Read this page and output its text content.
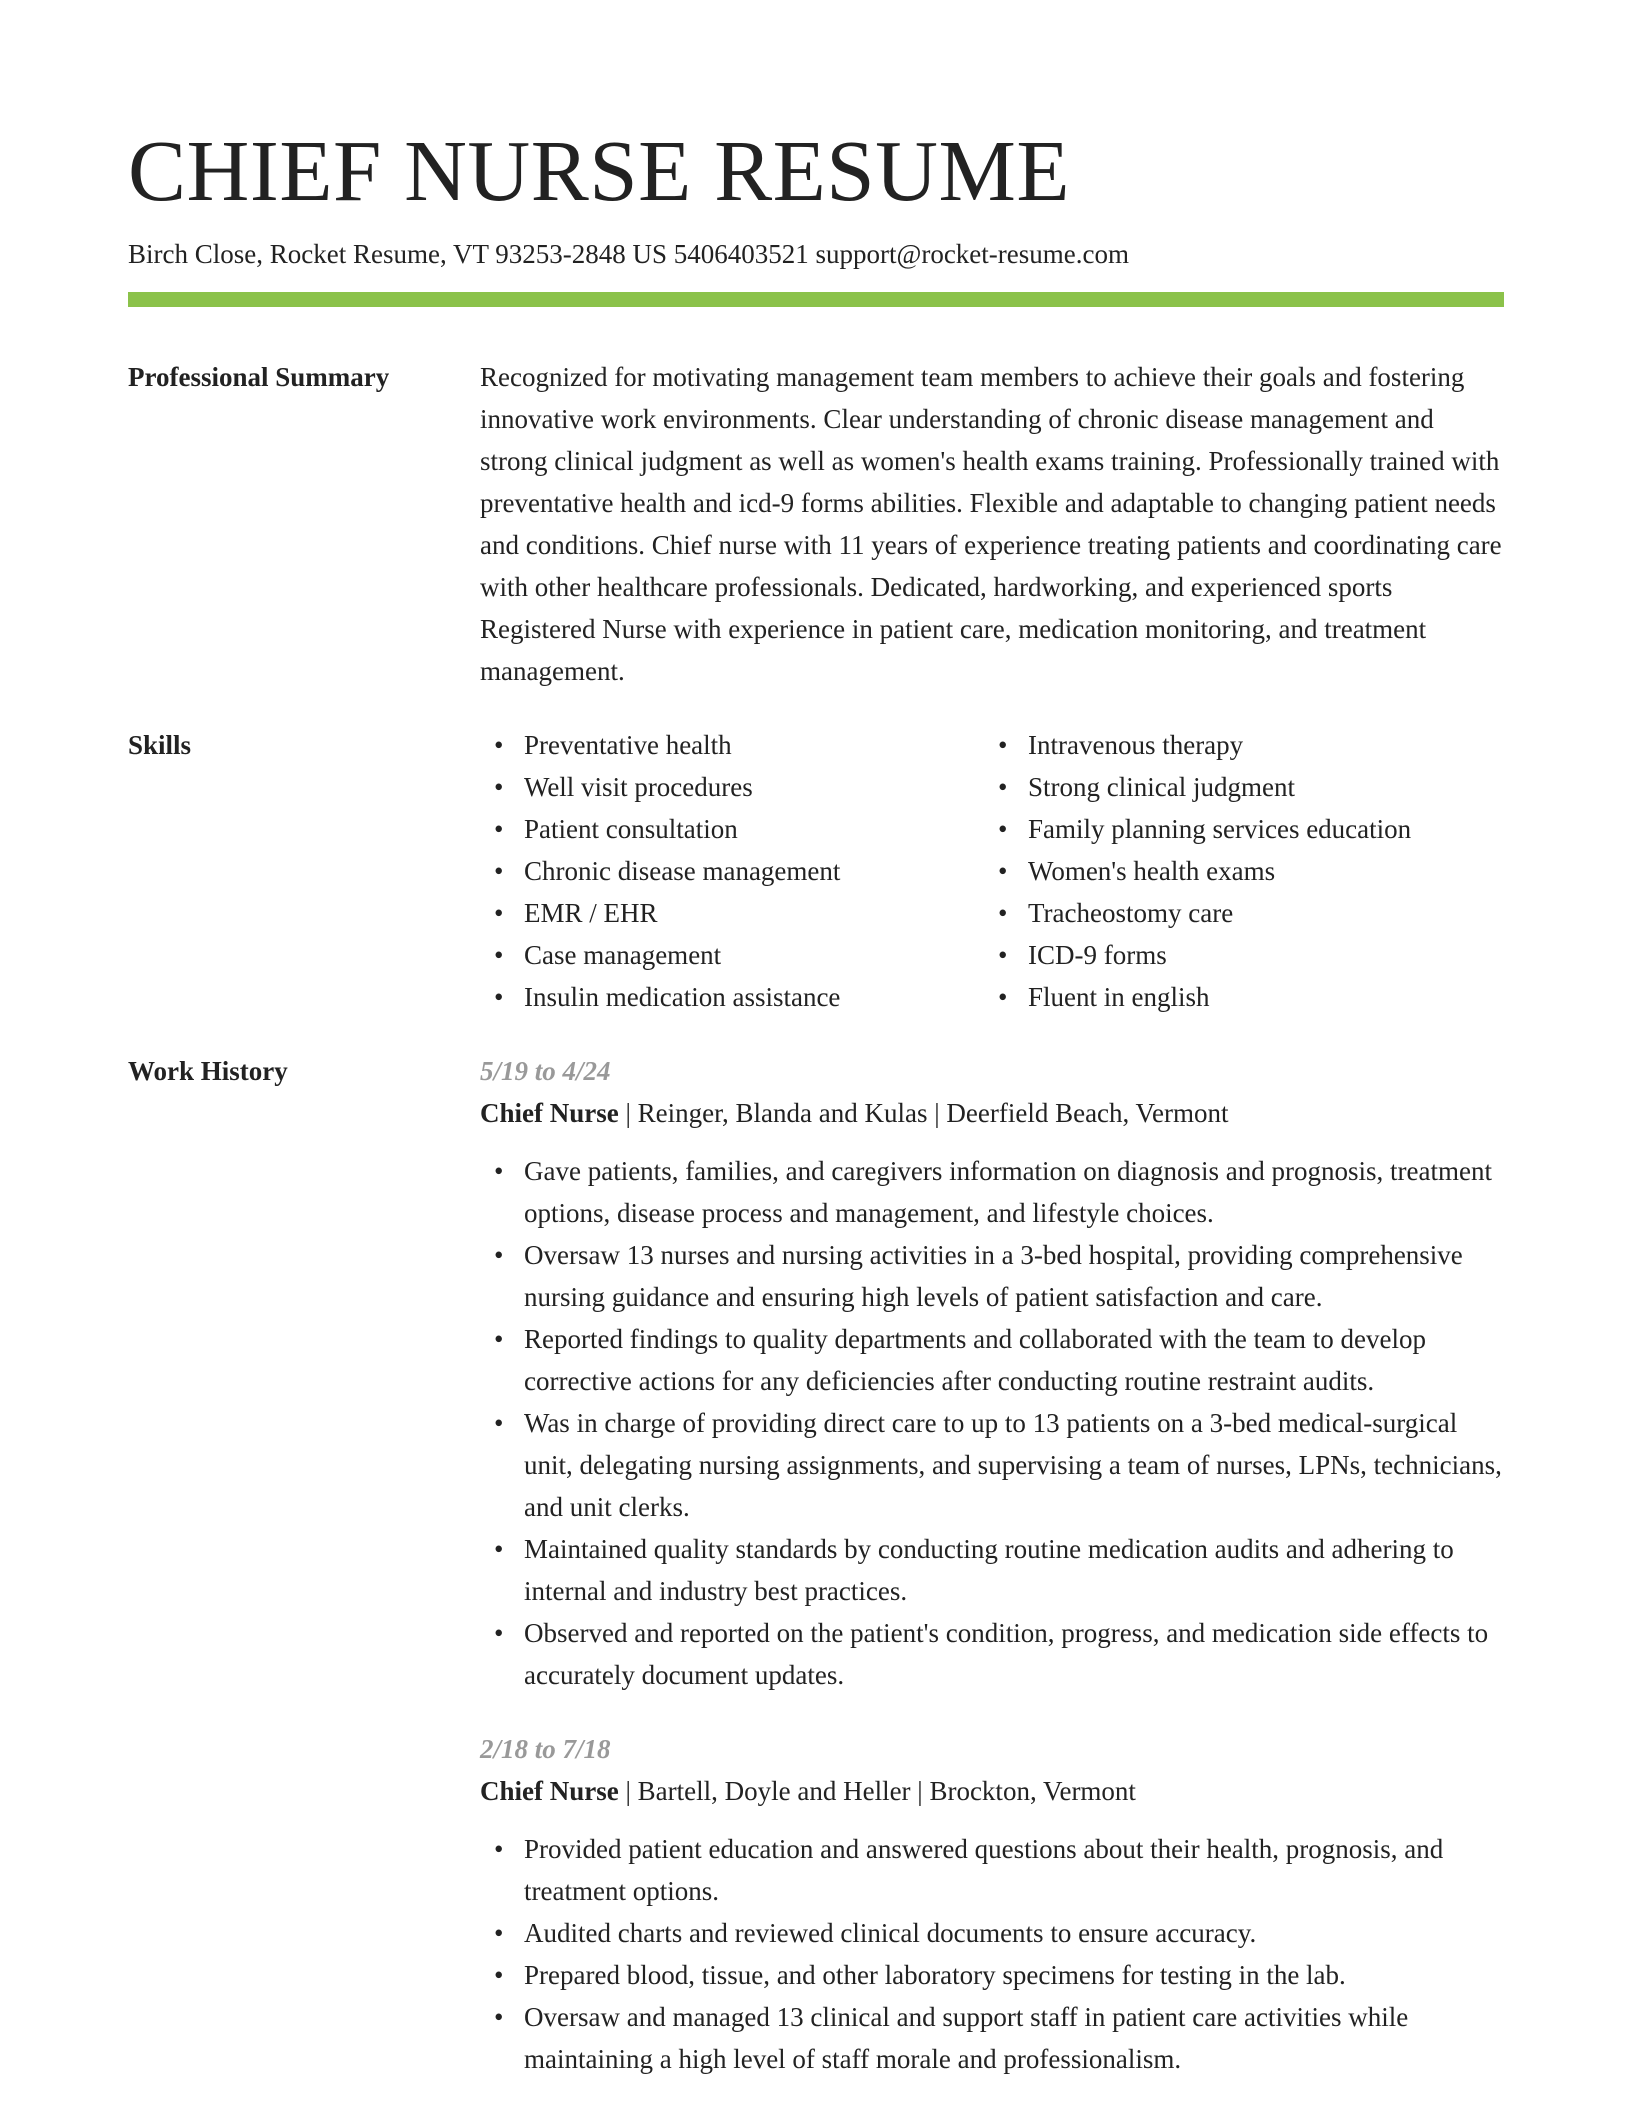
CHIEF NURSE RESUME
Birch Close, Rocket Resume, VT 93253-2848 US 5406403521 support@rocket-resume.com
Professional Summary	Recognized for motivating management team members to achieve their goals and fostering innovative work environments. Clear understanding of chronic disease management and strong clinical judgment as well as women's health exams training. Professionally trained with preventative health and icd-9 forms abilities. Flexible and adaptable to changing patient needs and conditions. Chief nurse with 11 years of experience treating patients and coordinating care with other healthcare professionals. Dedicated, hardworking, and experienced sports Registered Nurse with experience in patient care, medication monitoring, and treatment management.

Skills	• Preventative health
• Well visit procedures
• Patient consultation
• Chronic disease management
• EMR / EHR
• Case management
• Insulin medication assistance
• Intravenous therapy
• Strong clinical judgment
• Family planning services education
• Women's health exams
• Tracheostomy care
• ICD-9 forms
• Fluent in english
Work History	5/19 to 4/24
Chief Nurse | Reinger, Blanda and Kulas | Deerfield Beach, Vermont
• Gave patients, families, and caregivers information on diagnosis and prognosis, treatment options, disease process and management, and lifestyle choices.
• Oversaw 13 nurses and nursing activities in a 3-bed hospital, providing comprehensive nursing guidance and ensuring high levels of patient satisfaction and care.
• Reported findings to quality departments and collaborated with the team to develop corrective actions for any deficiencies after conducting routine restraint audits.
• Was in charge of providing direct care to up to 13 patients on a 3-bed medical-surgical unit, delegating nursing assignments, and supervising a team of nurses, LPNs, technicians, and unit clerks.
• Maintained quality standards by conducting routine medication audits and adhering to internal and industry best practices.
• Observed and reported on the patient's condition, progress, and medication side effects to accurately document updates.
2/18 to 7/18
Chief Nurse | Bartell, Doyle and Heller | Brockton, Vermont
• Provided patient education and answered questions about their health, prognosis, and treatment options.
• Audited charts and reviewed clinical documents to ensure accuracy.
• Prepared blood, tissue, and other laboratory specimens for testing in the lab.
• Oversaw and managed 13 clinical and support staff in patient care activities while maintaining a high level of staff morale and professionalism.
